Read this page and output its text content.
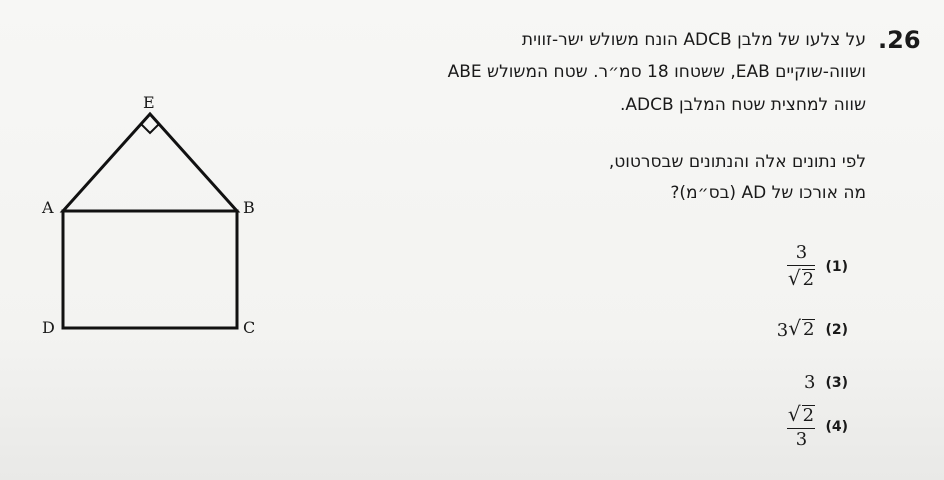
E
A	B
D	C
.26
על צלעו של מלבן ADCB הונח משולש ישר-זווית
ושווה-שוקיים EAB, ששטחו 18 סמ״ר. שטח המשולש ABE
שווה למחצית שטח המלבן ADCB.
לפי נתונים אלה והנתונים שבסרטוט,
מה אורכו של AD (בס״מ)?
$\frac{3}{√ 2} (1)$
3 √ 2 (2)
3 (3)
$\frac{√ 2}{3} (4)$
